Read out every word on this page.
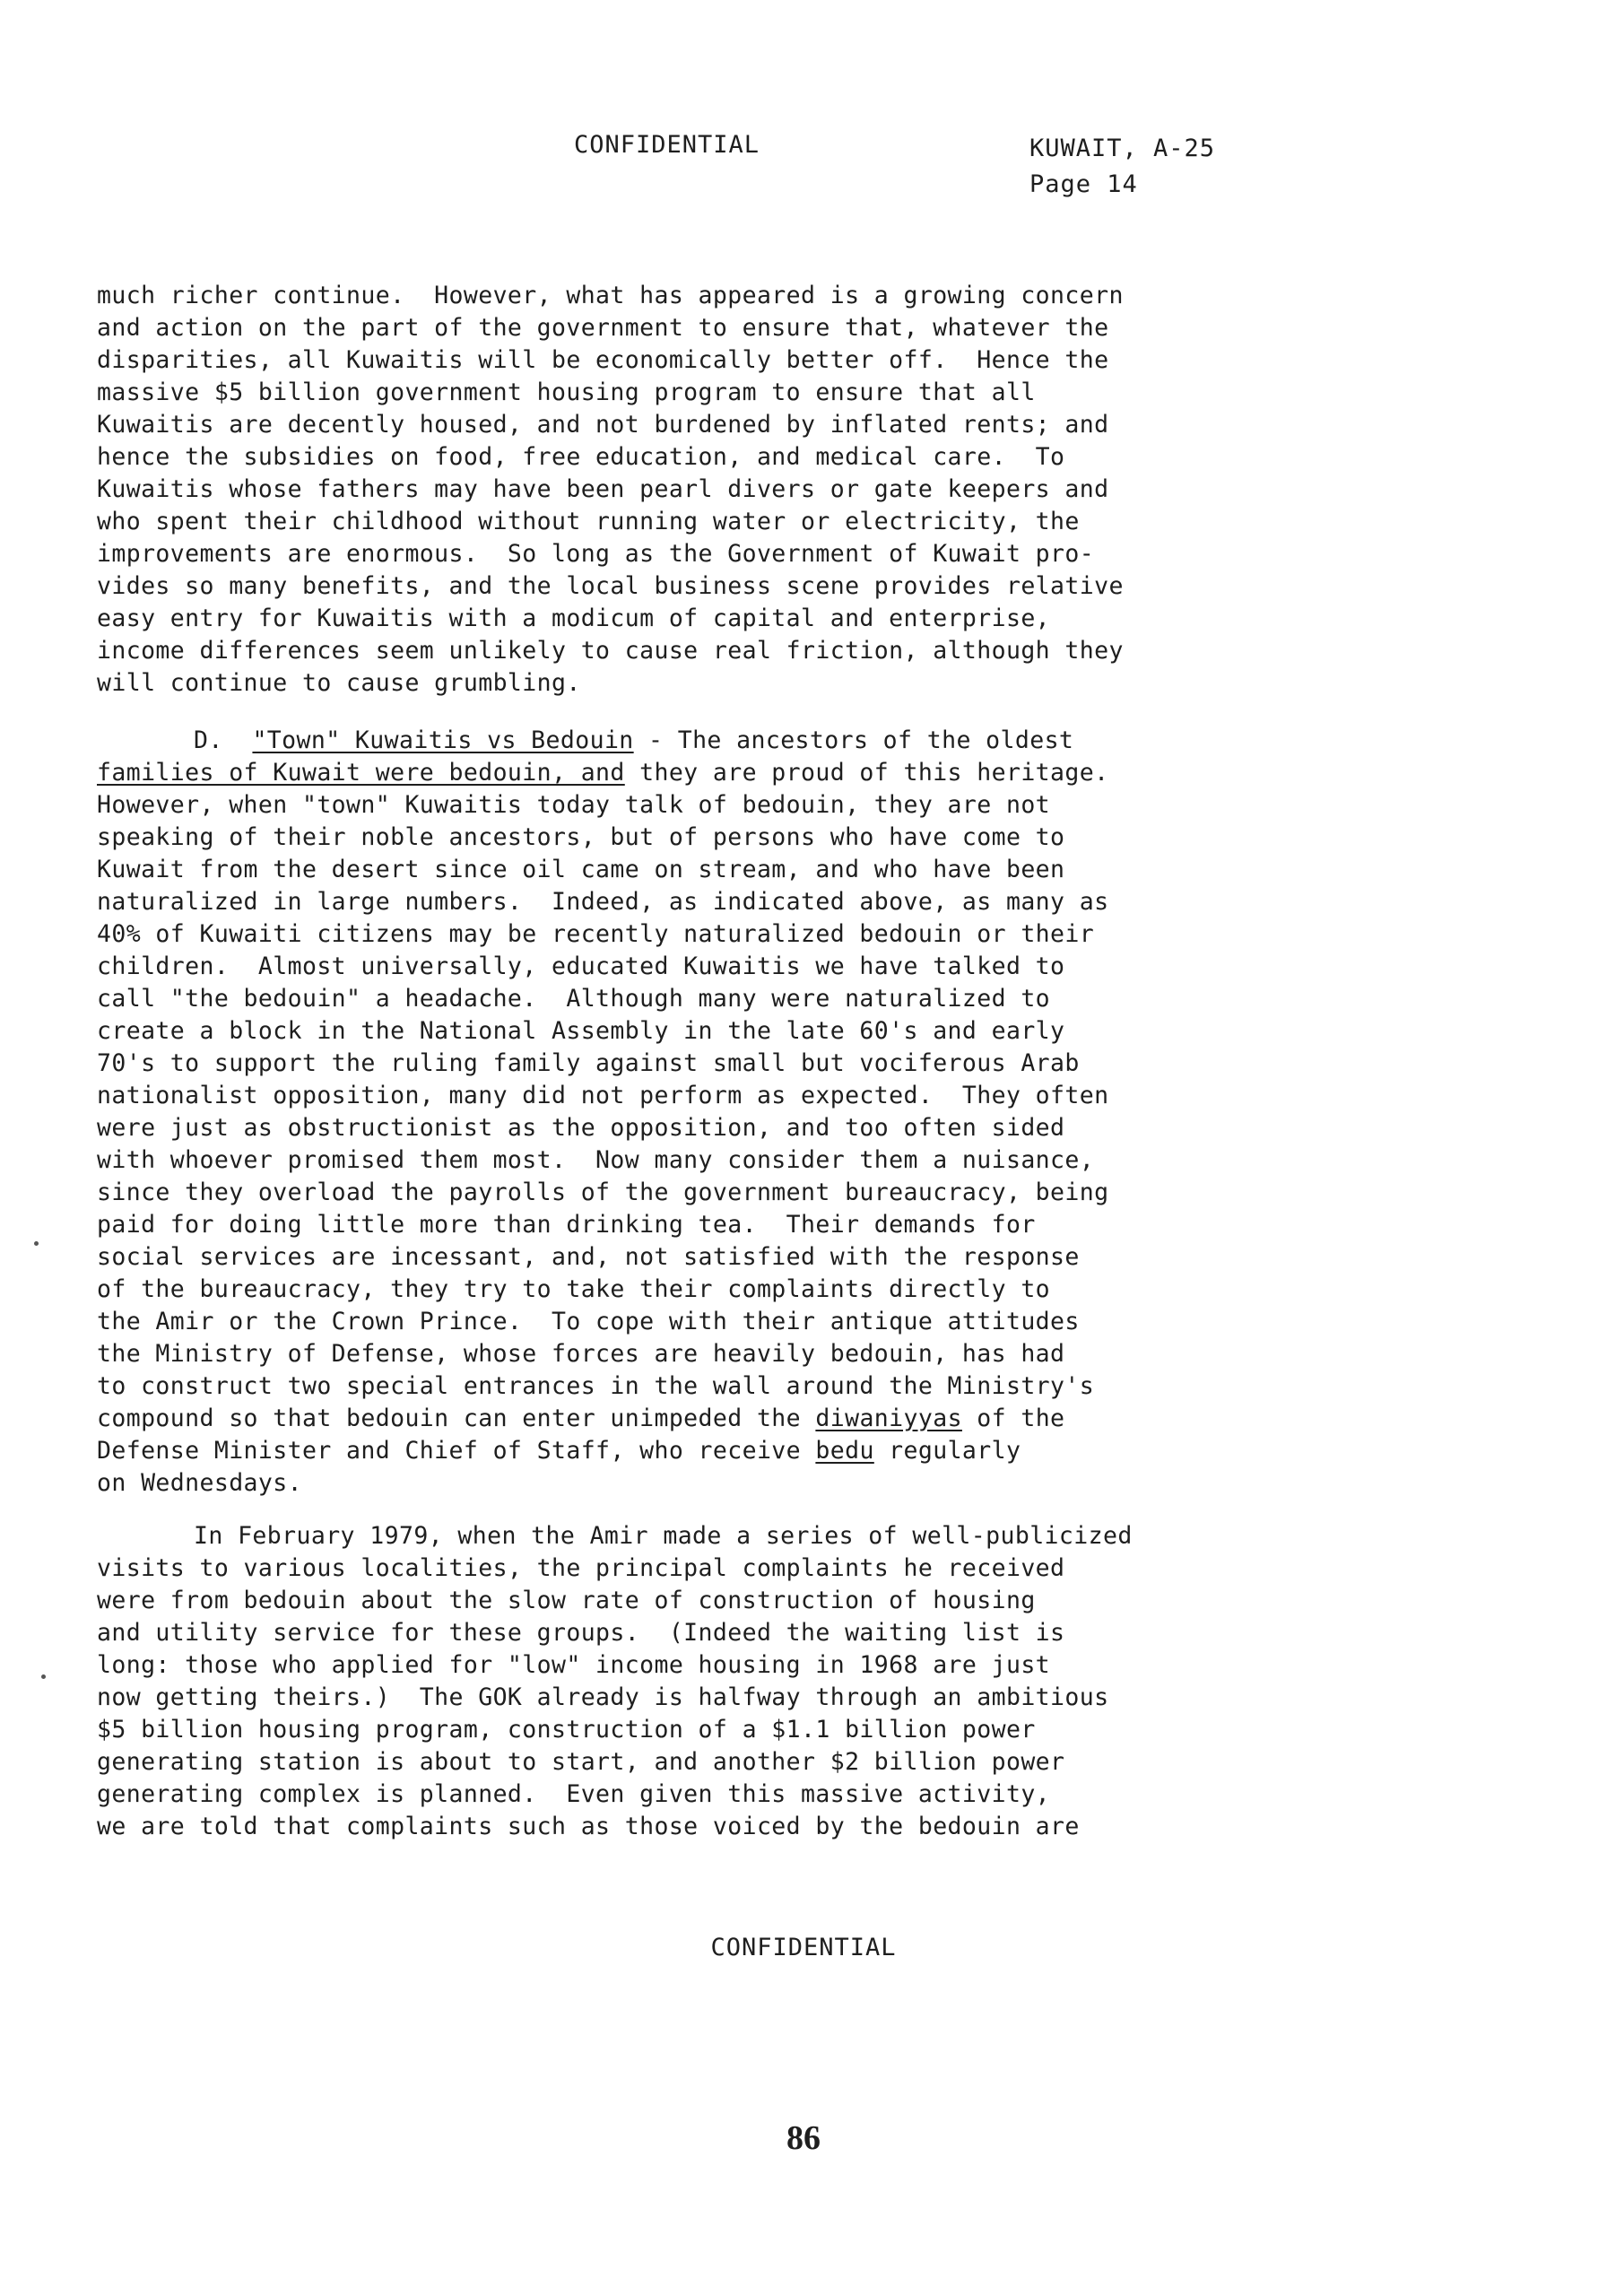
CONFIDENTIAL	KUWAIT, A-25
Page 14
much richer continue.  However, what has appeared is a growing concern
and action on the part of the government to ensure that, whatever the
disparities, all Kuwaitis will be economically better off.  Hence the
massive $5 billion government housing program to ensure that all
Kuwaitis are decently housed, and not burdened by inflated rents; and
hence the subsidies on food, free education, and medical care.  To
Kuwaitis whose fathers may have been pearl divers or gate keepers and
who spent their childhood without running water or electricity, the
improvements are enormous.  So long as the Government of Kuwait pro-
vides so many benefits, and the local business scene provides relative
easy entry for Kuwaitis with a modicum of capital and enterprise,
income differences seem unlikely to cause real friction, although they
will continue to cause grumbling.
D. "Town" Kuwaitis vs Bedouin - The ancestors of the oldest
families of Kuwait were bedouin, and they are proud of this heritage.
However, when "town" Kuwaitis today talk of bedouin, they are not
speaking of their noble ancestors, but of persons who have come to
Kuwait from the desert since oil came on stream, and who have been
naturalized in large numbers.  Indeed, as indicated above, as many as
40% of Kuwaiti citizens may be recently naturalized bedouin or their
children.  Almost universally, educated Kuwaitis we have talked to
call "the bedouin" a headache.  Although many were naturalized to
create a block in the National Assembly in the late 60's and early
70's to support the ruling family against small but vociferous Arab
nationalist opposition, many did not perform as expected.  They often
were just as obstructionist as the opposition, and too often sided
with whoever promised them most.  Now many consider them a nuisance,
since they overload the payrolls of the government bureaucracy, being
paid for doing little more than drinking tea.  Their demands for
social services are incessant, and, not satisfied with the response
of the bureaucracy, they try to take their complaints directly to
the Amir or the Crown Prince.  To cope with their antique attitudes
the Ministry of Defense, whose forces are heavily bedouin, has had
to construct two special entrances in the wall around the Ministry's
compound so that bedouin can enter unimpeded the diwaniyyas of the
Defense Minister and Chief of Staff, who receive bedu regularly
on Wednesdays.
In February 1979, when the Amir made a series of well-publicized
visits to various localities, the principal complaints he received
were from bedouin about the slow rate of construction of housing
and utility service for these groups.  (Indeed the waiting list is
long: those who applied for "low" income housing in 1968 are just
now getting theirs.)  The GOK already is halfway through an ambitious
$5 billion housing program, construction of a $1.1 billion power
generating station is about to start, and another $2 billion power
generating complex is planned.  Even given this massive activity,
we are told that complaints such as those voiced by the bedouin are
CONFIDENTIAL
86
